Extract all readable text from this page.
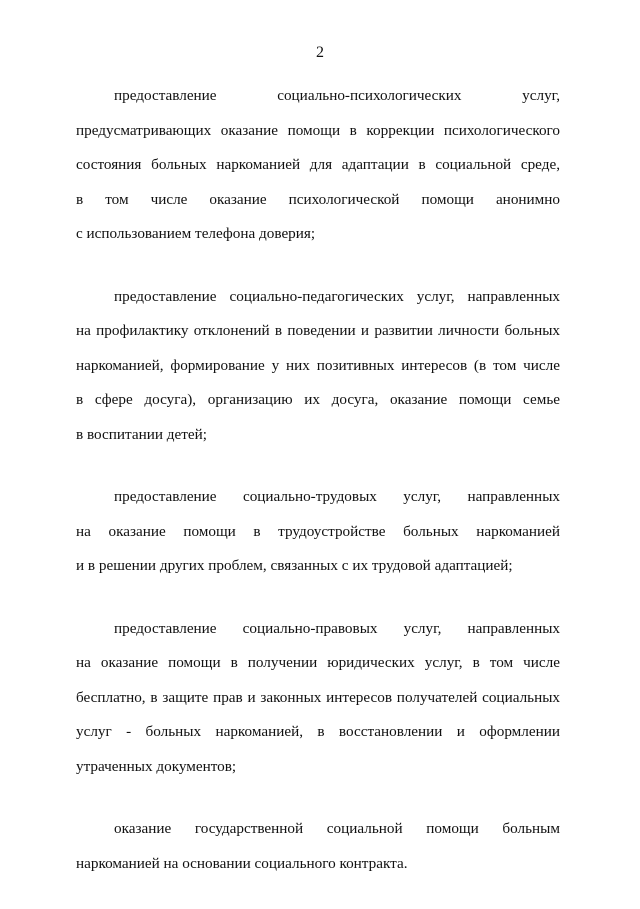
2

предоставление социально-психологических услуг,
предусматривающих оказание помощи в коррекции психологического
состояния больных наркоманией для адаптации в социальной среде,
в том числе оказание психологической помощи анонимно
с использованием телефона доверия;

предоставление социально-педагогических услуг, направленных
на профилактику отклонений в поведении и развитии личности больных
наркоманией, формирование у них позитивных интересов (в том числе
в сфере досуга), организацию их досуга, оказание помощи семье
в воспитании детей;

предоставление социально-трудовых услуг, направленных
на оказание помощи в трудоустройстве больных наркоманией
и в решении других проблем, связанных с их трудовой адаптацией;

предоставление социально-правовых услуг, направленных
на оказание помощи в получении юридических услуг, в том числе
бесплатно, в защите прав и законных интересов получателей социальных
услуг - больных наркоманией, в восстановлении и оформлении
утраченных документов;

оказание государственной социальной помощи больным
наркоманией на основании социального контракта.
